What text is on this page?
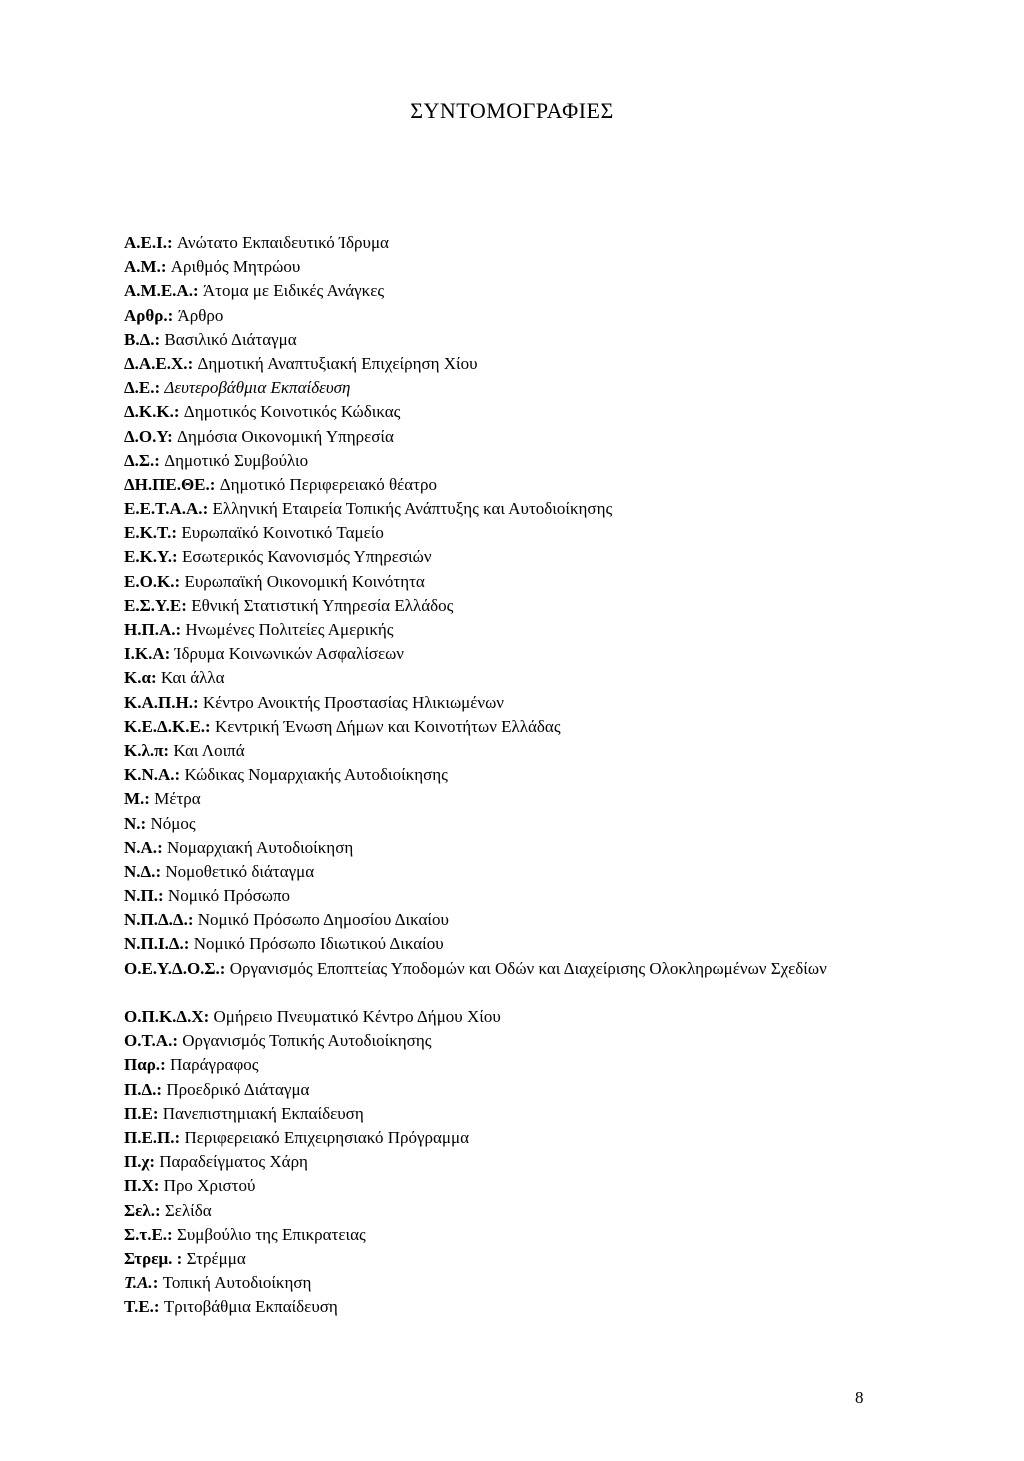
ΣΥΝΤΟΜΟΓΡΑΦΙΕΣ
Α.Ε.Ι.: Ανώτατο Εκπαιδευτικό Ίδρυμα
Α.Μ.: Αριθμός Μητρώου
Α.Μ.Ε.Α.: Άτομα με Ειδικές Ανάγκες
Αρθρ.: Άρθρο
Β.Δ.: Βασιλικό Διάταγμα
Δ.Α.Ε.Χ.: Δημοτική Αναπτυξιακή Επιχείρηση Χίου
Δ.Ε.: Δευτεροβάθμια Εκπαίδευση
Δ.Κ.Κ.: Δημοτικός Κοινοτικός Κώδικας
Δ.Ο.Υ: Δημόσια Οικονομική Υπηρεσία
Δ.Σ.: Δημοτικό Συμβούλιο
ΔΗ.ΠΕ.ΘΕ.: Δημοτικό Περιφερειακό θέατρο
Ε.Ε.Τ.Α.Α.: Ελληνική Εταιρεία Τοπικής Ανάπτυξης και Αυτοδιοίκησης
Ε.Κ.Τ.: Ευρωπαϊκό Κοινοτικό Ταμείο
Ε.Κ.Υ.: Εσωτερικός Κανονισμός Υπηρεσιών
Ε.Ο.Κ.: Ευρωπαϊκή Οικονομική Κοινότητα
Ε.Σ.Υ.Ε: Εθνική Στατιστική Υπηρεσία Ελλάδος
Η.Π.Α.: Ηνωμένες Πολιτείες Αμερικής
Ι.Κ.Α: Ίδρυμα Κοινωνικών Ασφαλίσεων
Κ.α: Και άλλα
Κ.Α.Π.Η.: Κέντρο Ανοικτής Προστασίας Ηλικιωμένων
Κ.Ε.Δ.Κ.Ε.: Κεντρική Ένωση Δήμων και Κοινοτήτων Ελλάδας
Κ.λ.π: Και Λοιπά
Κ.Ν.Α.: Κώδικας Νομαρχιακής Αυτοδιοίκησης
Μ.: Μέτρα
Ν.: Νόμος
Ν.Α.: Νομαρχιακή Αυτοδιοίκηση
Ν.Δ.: Νομοθετικό διάταγμα
Ν.Π.: Νομικό Πρόσωπο
Ν.Π.Δ.Δ.: Νομικό Πρόσωπο Δημοσίου Δικαίου
Ν.Π.Ι.Δ.: Νομικό Πρόσωπο Ιδιωτικού Δικαίου
Ο.Ε.Υ.Δ.Ο.Σ.: Οργανισμός Εποπτείας Υποδομών και Οδών και Διαχείρισης Ολοκληρωμένων Σχεδίων
Ο.Π.Κ.Δ.Χ: Ομήρειο Πνευματικό Κέντρο Δήμου Χίου
Ο.Τ.Α.: Οργανισμός Τοπικής Αυτοδιοίκησης
Παρ.: Παράγραφος
Π.Δ.: Προεδρικό Διάταγμα
Π.Ε: Πανεπιστημιακή Εκπαίδευση
Π.Ε.Π.: Περιφερειακό Επιχειρησιακό Πρόγραμμα
Π.χ: Παραδείγματος Χάρη
Π.Χ: Προ Χριστού
Σελ.: Σελίδα
Σ.τ.Ε.: Συμβούλιο της Επικρατειας
Στρεμ. : Στρέμμα
Τ.Α.: Τοπική Αυτοδιοίκηση
Τ.Ε.: Τριτοβάθμια Εκπαίδευση
8
